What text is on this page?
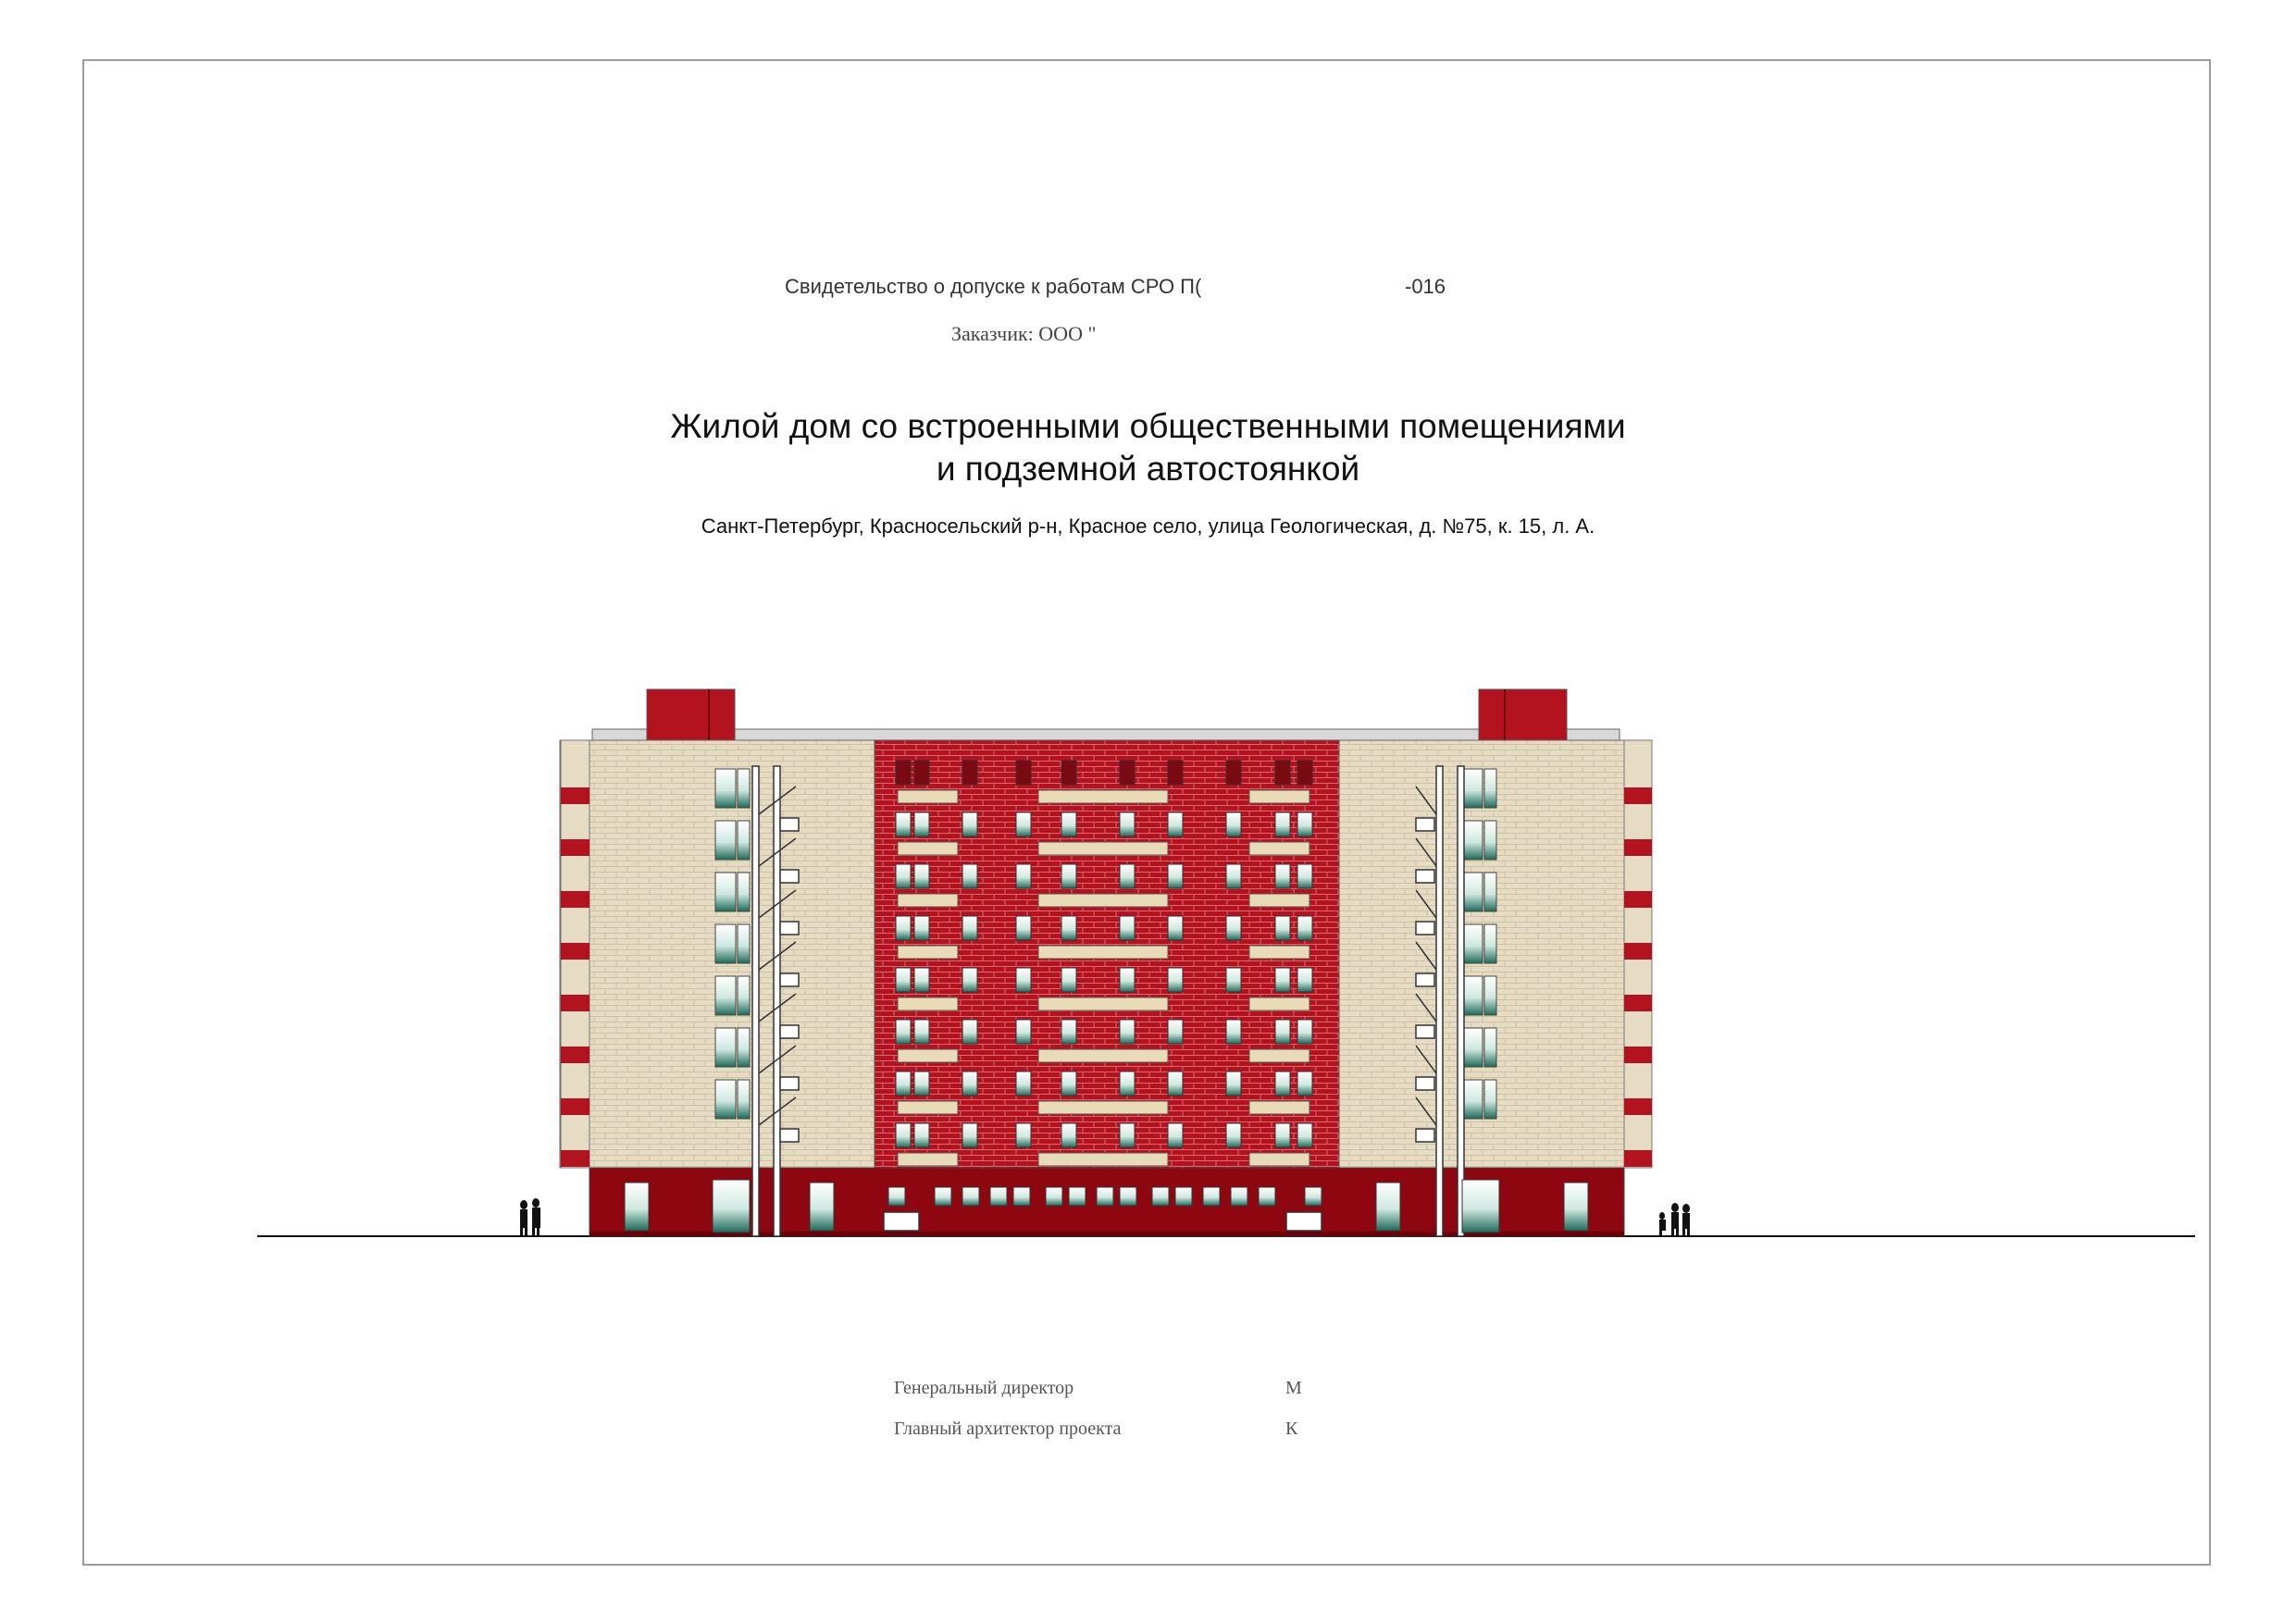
Свидетельство о допуске к работам СРО П(	-016
Заказчик: ООО "
Жилой дом со встроенными общественными помещениями
и подземной автостоянкой
Санкт-Петербург, Красносельский р-н, Красное село, улица Геологическая, д. №75, к. 15, л. А.
Генеральный директор	М
Главный архитектор проекта	К
